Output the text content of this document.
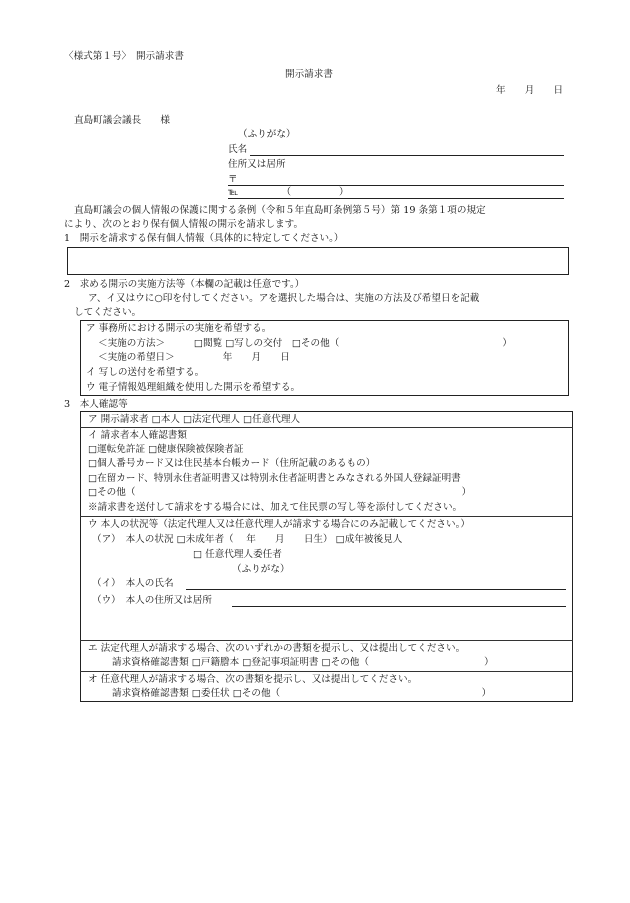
〈様式第１号〉　開示請求書
開示請求書
年　　月　　日
直島町議会議長　　様
（ふりがな）
氏名
住所又は居所
〒
℡　　　　　（　　　　　）
直島町議会の個人情報の保護に関する条例（令和５年直島町条例第５号）第 19 条第１項の規定
により、次のとおり保有個人情報の開示を請求します。
1　開示を請求する保有個人情報（具体的に特定してください。）
2　求める開示の実施方法等（本欄の記載は任意です。）
ア、イ又はウに○印を付してください。アを選択した場合は、実施の方法及び希望日を記載
してください。
ア 事務所における開示の実施を希望する。
＜実施の方法＞　　　□閲覧 □写しの交付　□その他（　　　　　　　　　　　　　　　　　）
＜実施の希望日＞　　　　　年　　月　　日
イ 写しの送付を希望する。
ウ 電子情報処理組織を使用した開示を希望する。
3　本人確認等
ア 開示請求者 □本人 □法定代理人 □任意代理人
イ 請求者本人確認書類
□運転免許証 □健康保険被保険者証
□個人番号カード又は住民基本台帳カード（住所記載のあるもの）
□在留カード、特別永住者証明書又は特別永住者証明書とみなされる外国人登録証明書
□その他（　　　　　　　　　　　　　　　　　　　　　　　　　　　　　　　　　　）
※請求書を送付して請求をする場合には、加えて住民票の写し等を添付してください。
ウ 本人の状況等（法定代理人又は任意代理人が請求する場合にのみ記載してください。）
（ア）　本人の状況 □未成年者（　 年　　月　　日生） □成年被後見人
□ 任意代理人委任者
（ふりがな）
（イ）　本人の氏名
（ウ）　本人の住所又は居所
エ 法定代理人が請求する場合、次のいずれかの書類を提示し、又は提出してください。
請求資格確認書類 □戸籍謄本 □登記事項証明書 □その他（　　　　　　　　　　　　）
オ 任意代理人が請求する場合、次の書類を提示し、又は提出してください。
請求資格確認書類 □委任状 □その他（　　　　　　　　　　　　　　　　　　　　　）
